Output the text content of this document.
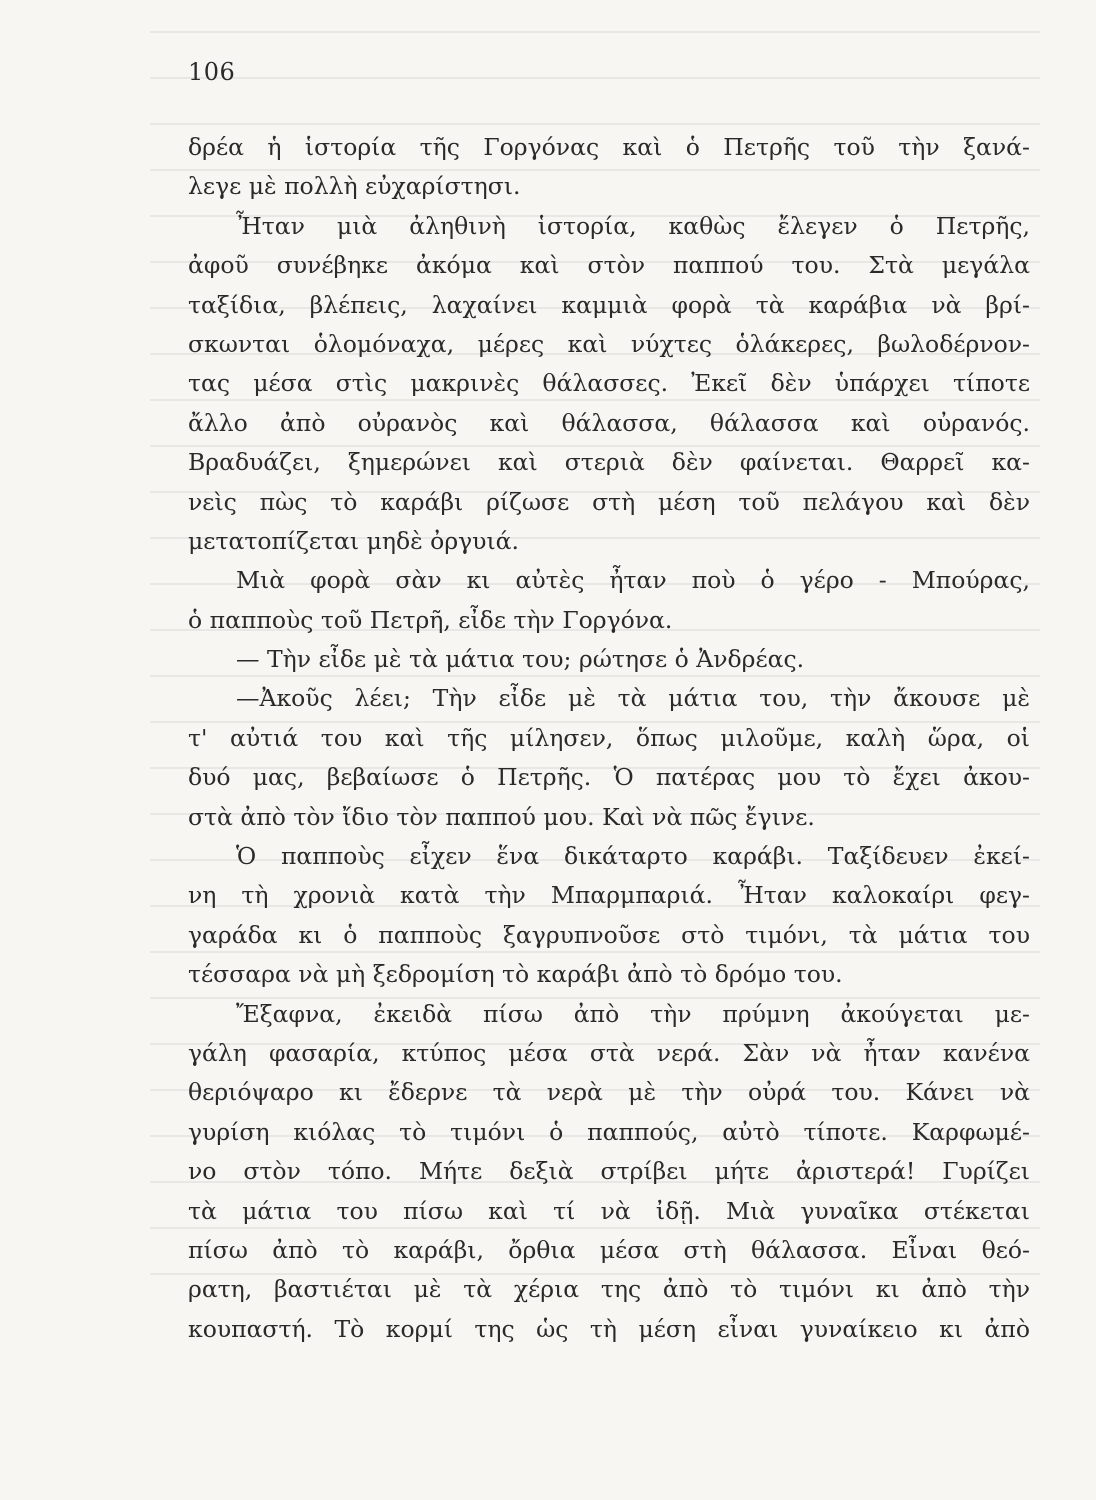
106
δρέα ἡ ἱστορία τῆς Γοργόνας καὶ ὁ Πετρῆς τοῦ τὴν ξανά-
λεγε μὲ πολλὴ εὐχαρίστησι.
Ἦταν μιὰ ἀληθινὴ ἱστορία, καθὼς ἔλεγεν ὁ Πετρῆς,
ἀφοῦ συνέβηκε ἀκόμα καὶ στὸν παππού του. Στὰ μεγάλα
ταξίδια, βλέπεις, λαχαίνει καμμιὰ φορὰ τὰ καράβια νὰ βρί-
σκωνται ὁλομόναχα, μέρες καὶ νύχτες ὁλάκερες, βωλοδέρνον-
τας μέσα στὶς μακρινὲς θάλασσες. Ἐκεῖ δὲν ὑπάρχει τίποτε
ἄλλο ἀπὸ οὐρανὸς καὶ θάλασσα, θάλασσα καὶ οὐρανός.
Βραδυάζει, ξημερώνει καὶ στεριὰ δὲν φαίνεται. Θαρρεῖ κα-
νεὶς πὼς τὸ καράβι ρίζωσε στὴ μέση τοῦ πελάγου καὶ δὲν
μετατοπίζεται μηδὲ ὀργυιά.
Μιὰ φορὰ σὰν κι αὐτὲς ἦταν ποὺ ὁ γέρο - Μπούρας,
ὁ παπποὺς τοῦ Πετρῆ, εἶδε τὴν Γοργόνα.
— Τὴν εἶδε μὲ τὰ μάτια του; ρώτησε ὁ Ἀνδρέας.
—Ἀκοῦς λέει; Τὴν εἶδε μὲ τὰ μάτια του, τὴν ἄκουσε μὲ
τ' αὐτιά του καὶ τῆς μίλησεν, ὅπως μιλοῦμε, καλὴ ὥρα, οἱ
δυό μας, βεβαίωσε ὁ Πετρῆς. Ὁ πατέρας μου τὸ ἔχει ἀκου-
στὰ ἀπὸ τὸν ἴδιο τὸν παππού μου. Καὶ νὰ πῶς ἔγινε.
Ὁ παπποὺς εἶχεν ἕνα δικάταρτο καράβι. Ταξίδευεν ἐκεί-
νη τὴ χρονιὰ κατὰ τὴν Μπαρμπαριά. Ἦταν καλοκαίρι φεγ-
γαράδα κι ὁ παπποὺς ξαγρυπνοῦσε στὸ τιμόνι, τὰ μάτια του
τέσσαρα νὰ μὴ ξεδρομίση τὸ καράβι ἀπὸ τὸ δρόμο του.
Ἔξαφνα, ἐκειδὰ πίσω ἀπὸ τὴν πρύμνη ἀκούγεται με-
γάλη φασαρία, κτύπος μέσα στὰ νερά. Σὰν νὰ ἦταν κανένα
θεριόψαρο κι ἔδερνε τὰ νερὰ μὲ τὴν οὐρά του. Κάνει νὰ
γυρίση κιόλας τὸ τιμόνι ὁ παππούς, αὐτὸ τίποτε. Καρφωμέ-
νο στὸν τόπο. Μήτε δεξιὰ στρίβει μήτε ἀριστερά! Γυρίζει
τὰ μάτια του πίσω καὶ τί νὰ ἰδῇ. Μιὰ γυναῖκα στέκεται
πίσω ἀπὸ τὸ καράβι, ὄρθια μέσα στὴ θάλασσα. Εἶναι θεό-
ρατη, βαστιέται μὲ τὰ χέρια της ἀπὸ τὸ τιμόνι κι ἀπὸ τὴν
κουπαστή. Τὸ κορμί της ὡς τὴ μέση εἶναι γυναίκειο κι ἀπὸ
